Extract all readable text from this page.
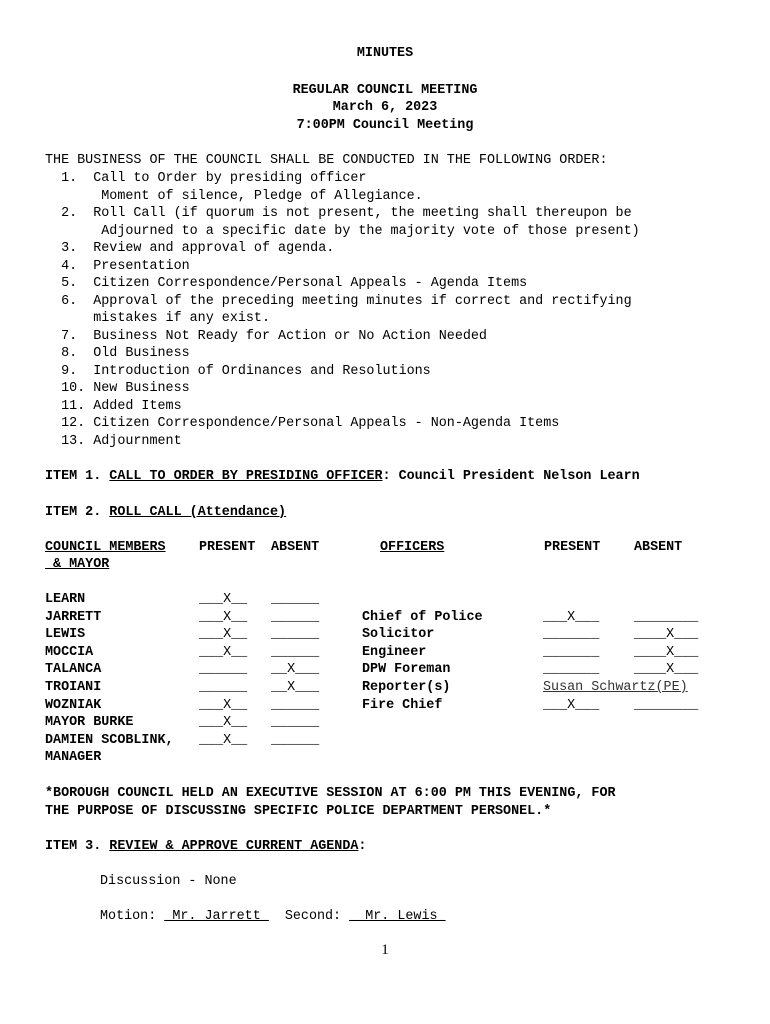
MINUTES
REGULAR COUNCIL MEETING
March 6, 2023
7:00PM Council Meeting
THE BUSINESS OF THE COUNCIL SHALL BE CONDUCTED IN THE FOLLOWING ORDER:
1.  Call to Order by presiding officer
Moment of silence, Pledge of Allegiance.
2.  Roll Call (if quorum is not present, the meeting shall thereupon be
Adjourned to a specific date by the majority vote of those present)
3.  Review and approval of agenda.
4.  Presentation
5.  Citizen Correspondence/Personal Appeals - Agenda Items
6.  Approval of the preceding meeting minutes if correct and rectifying
mistakes if any exist.
7.  Business Not Ready for Action or No Action Needed
8.  Old Business
9.  Introduction of Ordinances and Resolutions
10. New Business
11. Added Items
12. Citizen Correspondence/Personal Appeals - Non-Agenda Items
13. Adjournment
ITEM 1. CALL TO ORDER BY PRESIDING OFFICER: Council President Nelson Learn
ITEM 2. ROLL CALL (Attendance)
COUNCIL MEMBERS
& MAYOR
PRESENT ABSENT	OFFICERS	PRESENT	ABSENT
LEARN	___X__ ______
JARRETT	___X__ ______
LEWIS	___X__ ______
MOCCIA	___X__ ______
TALANCA	______ __X___
TROIANI	______ __X___
WOZNIAK	___X__ ______
MAYOR BURKE	___X__ ______
DAMIEN SCOBLINK, ___X__ ______
MANAGER
Chief of Police	___X___	________
Solicitor	_______	____X___
Engineer	_______	____X___
DPW Foreman	_______	____X___
Reporter(s)	Susan Schwartz(PE)
Fire Chief	___X___	________
*BOROUGH COUNCIL HELD AN EXECUTIVE SESSION AT 6:00 PM THIS EVENING, FOR
THE PURPOSE OF DISCUSSING SPECIFIC POLICE DEPARTMENT PERSONEL.*
ITEM 3. REVIEW & APPROVE CURRENT AGENDA:
Discussion - None
Motion: _Mr. Jarrett_  Second: __Mr. Lewis_
1
